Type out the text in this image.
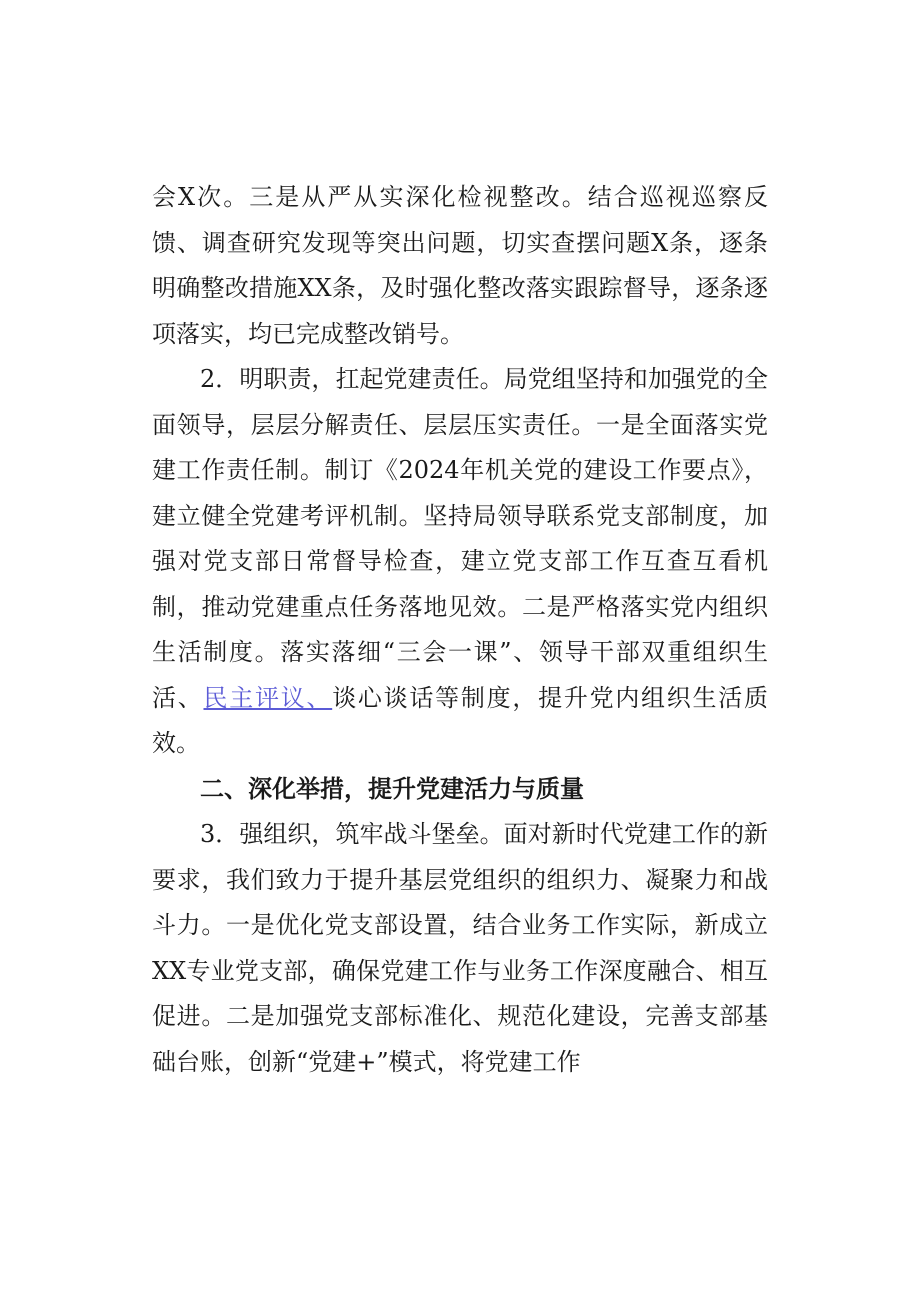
会X次。三是从严从实深化检视整改。结合巡视巡察反馈、调查研究发现等突出问题，切实查摆问题X条，逐条明确整改措施XX条，及时强化整改落实跟踪督导，逐条逐项落实，均已完成整改销号。

2．明职责，扛起党建责任。局党组坚持和加强党的全面领导，层层分解责任、层层压实责任。一是全面落实党建工作责任制。制订《2024年机关党的建设工作要点》，建立健全党建考评机制。坚持局领导联系党支部制度，加强对党支部日常督导检查，建立党支部工作互查互看机制，推动党建重点任务落地见效。二是严格落实党内组织生活制度。落实落细“三会一课”、领导干部双重组织生活、民主评议、谈心谈话等制度，提升党内组织生活质效。

二、深化举措，提升党建活力与质量

3．强组织，筑牢战斗堡垒。面对新时代党建工作的新要求，我们致力于提升基层党组织的组织力、凝聚力和战斗力。一是优化党支部设置，结合业务工作实际，新成立XX专业党支部，确保党建工作与业务工作深度融合、相互促进。二是加强党支部标准化、规范化建设，完善支部基础台账，创新“党建+”模式，将党建工作
